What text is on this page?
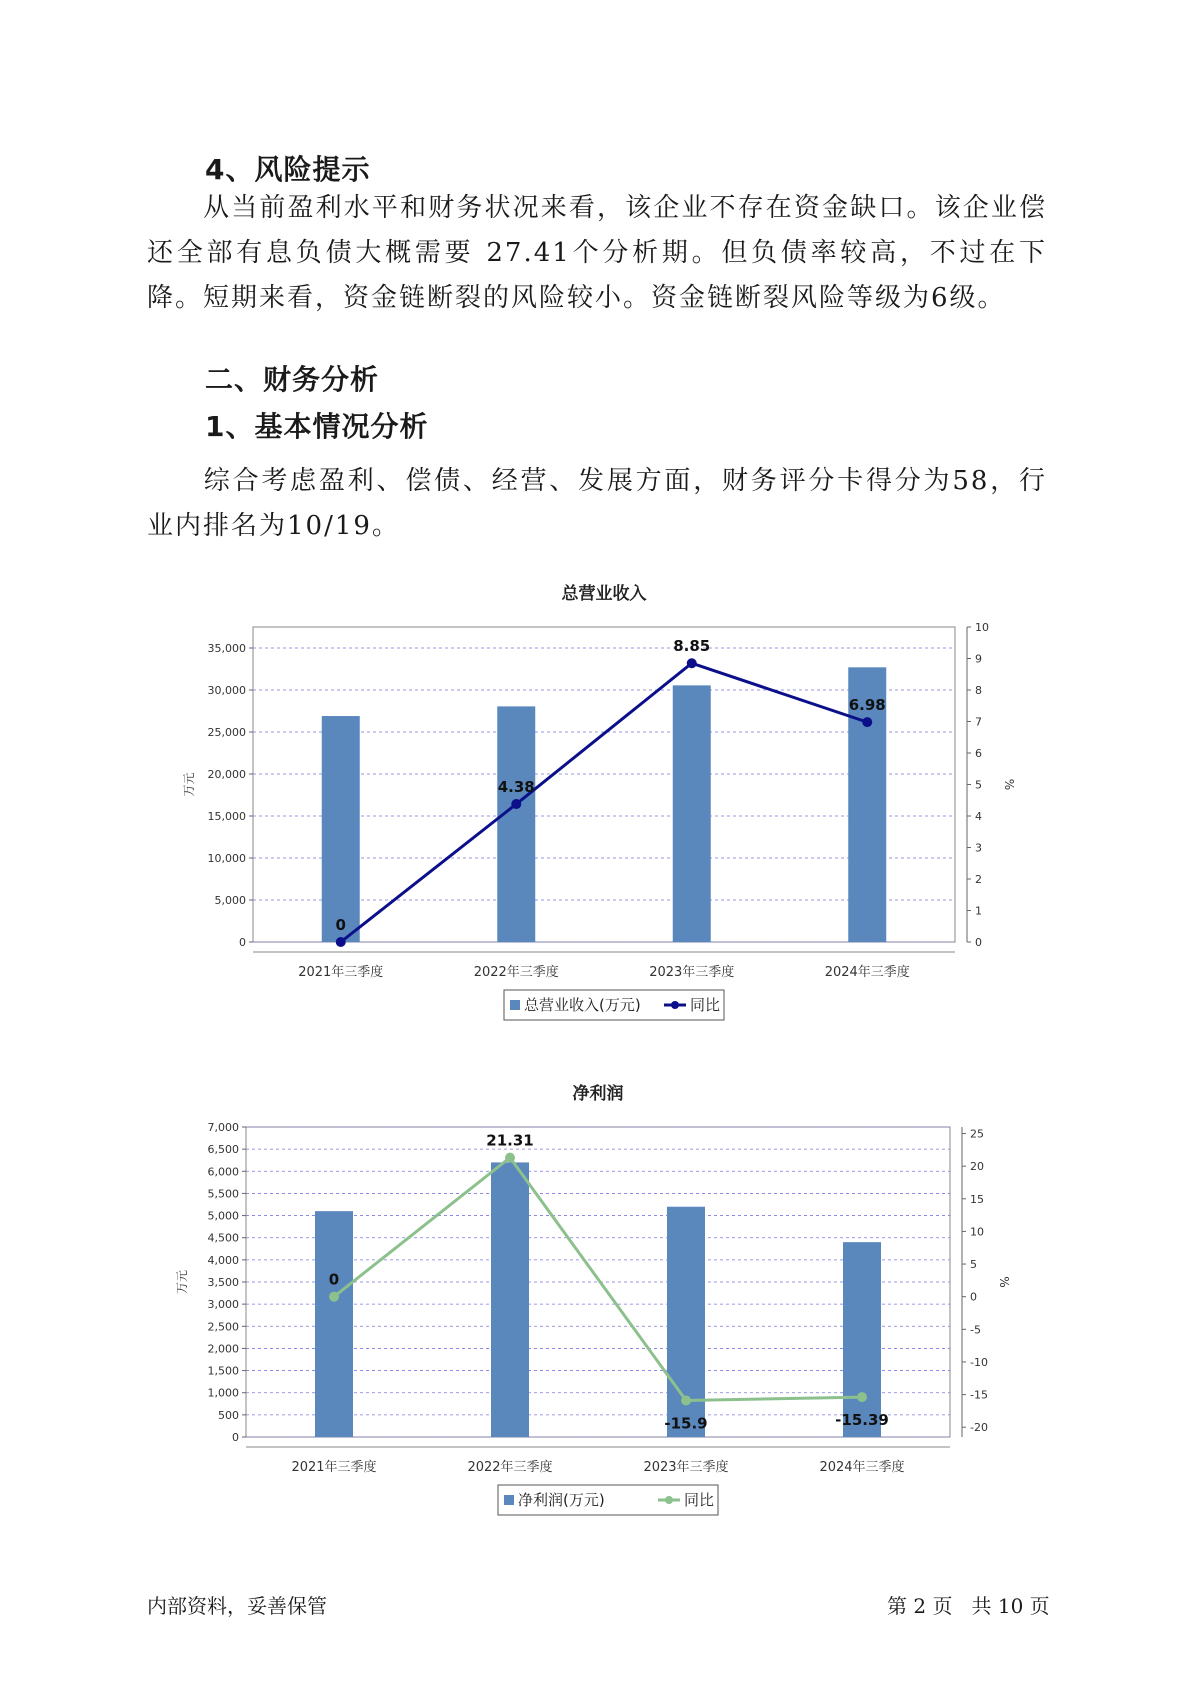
4、风险提示
从当前盈利水平和财务状况来看，该企业不存在资金缺口。该企业偿还全部有息负债大概需要 27.41个分析期。但负债率较高，不过在下降。短期来看，资金链断裂的风险较小。资金链断裂风险等级为6级。
二、财务分析
1、基本情况分析
综合考虑盈利、偿债、经营、发展方面，财务评分卡得分为58，行业内排名为10/19。
总营业收入
0
5,000
10,000
15,000
20,000
25,000
30,000
35,000
0
1
2
3
4
5
6
7
8
9
10
万元	%
2021年三季度	2022年三季度	2023年三季度	2024年三季度
0
4.38
8.85
6.98
总营业收入(万元)	同比
净利润
0
500
1,000
1,500
2,000
2,500
3,000
3,500
4,000
4,500
5,000
5,500
6,000
6,500
7,000
-20
-15
-10
-5
0
5
10
15
20
25
万元	%
2021年三季度	2022年三季度	2023年三季度	2024年三季度
0
21.31
-15.9	-15.39
净利润(万元)	同比
内部资料，妥善保管	第 2 页   共 10 页
